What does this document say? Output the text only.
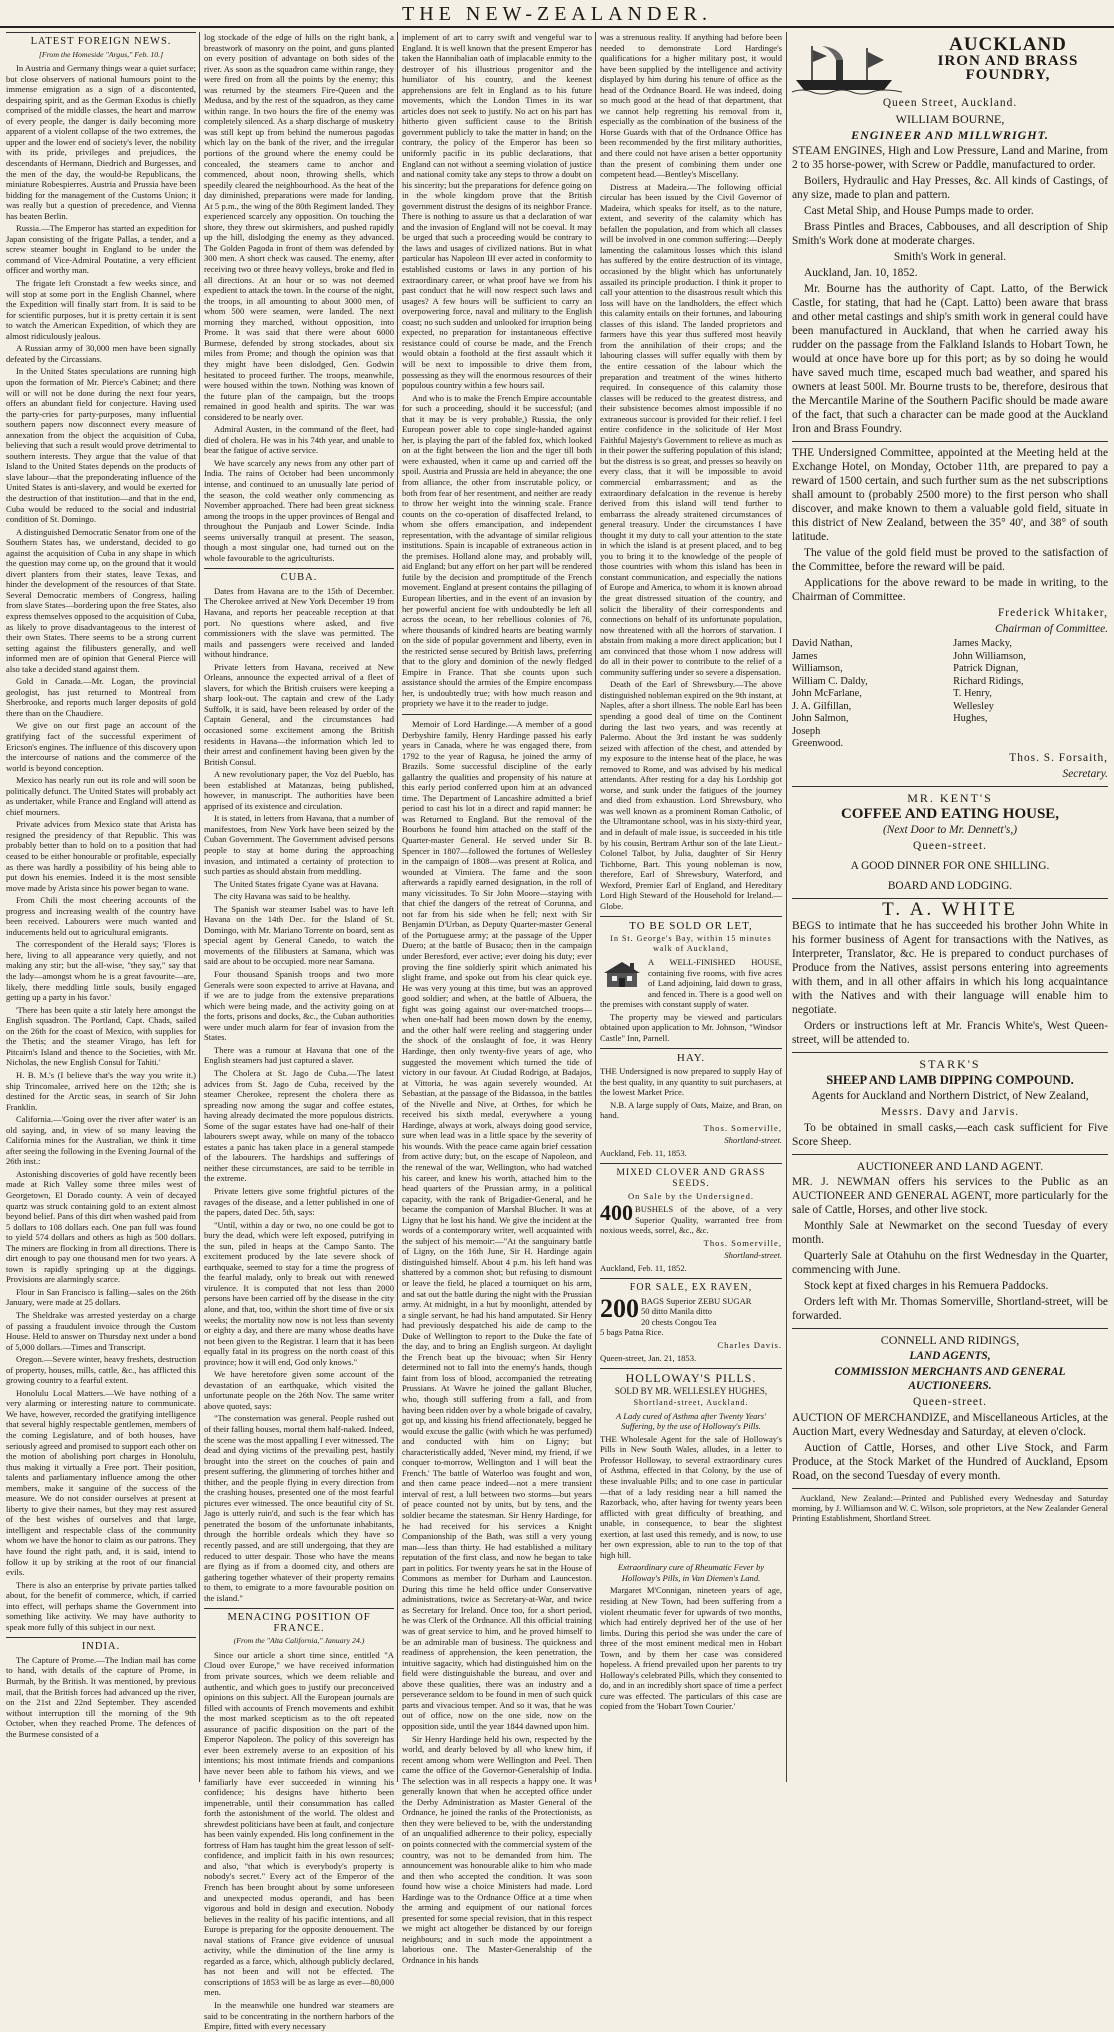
THE NEW-ZEALANDER.
LATEST FOREIGN NEWS.

[From the Homeside "Argus," Feb. 10.]

In Austria and Germany things wear a quiet surface; but close observers of national humours point to the immense emigration as a sign of a discontented, despairing spirit, and as the German Exodus is chiefly comprised of the middle classes, the heart and marrow of every people, the danger is daily becoming more apparent of a violent collapse of the two extremes, the upper and the lower end of society's lever, the nobility with its pride, privileges and prejudices, the descendants of Hermann, Diedrich and Burgesses, and the men of the day, the would-be Republicans, the miniature Robespierres. Austria and Prussia have been bidding for the management of the Customs Union; it was really but a question of precedence, and Vienna has beaten Berlin.

Russia.—The Emperor has started an expedition for Japan consisting of the frigate Pallas, a tender, and a screw steamer bought in England to be under the command of Vice-Admiral Poutatine, a very efficient officer and worthy man.

The frigate left Cronstadt a few weeks since, and will stop at some port in the English Channel, where the Expedition will finally start from. It is said to be for scientific purposes, but it is pretty certain it is sent to watch the American Expedition, of which they are almost ridiculously jealous.

A Russian army of 30,000 men have been signally defeated by the Circassians.

In the United States speculations are running high upon the formation of Mr. Pierce's Cabinet; and there will or will not be done during the next four years, offers an abundant field for conjecture. Having used the party-cries for party-purposes, many influential southern papers now disconnect every measure of annexation from the object the acquisition of Cuba, believing that such a result would prove detrimental to southern interests. They argue that the value of that Island to the United States depends on the products of slave labour—that the preponderating influence of the United States is anti-slavery, and would be exerted for the destruction of that institution—and that in the end, Cuba would be reduced to the social and industrial condition of St. Domingo.

A distinguished Democratic Senator from one of the Southern States has, we understand, decided to go against the acquisition of Cuba in any shape in which the question may come up, on the ground that it would divert planters from their states, leave Texas, and hinder the development of the resources of that State. Several Democratic members of Congress, hailing from slave States—bordering upon the free States, also express themselves opposed to the acquisition of Cuba, as likely to prove disadvantageous to the interest of their own States. There seems to be a strong current setting against the filibusters generally, and well informed men are of opinion that General Pierce will also take a decided stand against them.

Gold in Canada.—Mr. Logan, the provincial geologist, has just returned to Montreal from Sherbrooke, and reports much larger deposits of gold there than on the Chaudiere.

We give on our first page an account of the gratifying fact of the successful experiment of Ericson's engines. The influence of this discovery upon the intercourse of nations and the commerce of the world is beyond conception.

Mexico has nearly run out its role and will soon be politically defunct. The United States will probably act as undertaker, while France and England will attend as chief mourners.

Private advices from Mexico state that Arista has resigned the presidency of that Republic. This was probably better than to hold on to a position that had ceased to be either honourable or profitable, especially as there was hardly a possibility of his being able to put down his enemies. Indeed it is the most sensible move made by Arista since his power began to wane.

From Chili the most cheering accounts of the progress and increasing wealth of the country have been received. Labourers were much wanted and inducements held out to agricultural emigrants.

The correspondent of the Herald says; 'Flores is here, living to all appearance very quietly, and not making any stir; but the all-wise, "they say," say that the lady—amongst whom he is a great favourite—are, likely, there meddling little souls, busily engaged getting up a party in his favor.'

'There has been quite a stir lately here amongst the English squadron. The Portland, Capt. Chads, sailed on the 26th for the coast of Mexico, with supplies for the Thetis; and the steamer Virago, has left for Pitcairn's Island and thence to the Societies, with Mr. Nicholas, the new English Consul for Tahiti.'

H. B. M.'s (I believe that's the way you write it.) ship Trincomalee, arrived here on the 12th; she is destined for the Arctic seas, in search of Sir John Franklin.

California.—'Going over the river after water' is an old saying, and, in view of so many leaving the California mines for the Australian, we think it time after seeing the following in the Evening Journal of the 26th inst.:

Astonishing discoveries of gold have recently been made at Rich Valley some three miles west of Georgetown, El Dorado county. A vein of decayed quartz was struck containing gold to an extent almost beyond belief. Pans of this dirt when washed paid from 5 dollars to 108 dollars each. One pan full was found to yield 574 dollars and others as high as 500 dollars. The miners are flocking in from all directions. There is dirt enough to pay one thousand men for two years. A town is rapidly springing up at the diggings. Provisions are alarmingly scarce.

Flour in San Francisco is falling—sales on the 26th January, were made at 25 dollars.

The Sheldrake was arrested yesterday on a charge of passing a fraudulent invoice through the Custom House. Held to answer on Thursday next under a bond of 5,000 dollars.—Times and Transcript.

Oregon.—Severe winter, heavy freshets, destruction of property, houses, mills, cattle, &c., has afflicted this growing country to a fearful extent.

Honolulu Local Matters.—We have nothing of a very alarming or interesting nature to communicate. We have, however, recorded the gratifying intelligence that several highly respectable gentlemen, members of the coming Legislature, and of both houses, have seriously agreed and promised to support each other on the motion of abolishing port charges in Honolulu, thus making it virtually a Free port. Their position, talents and parliamentary influence among the other members, make it sanguine of the success of the measure. We do not consider ourselves at present at liberty to give their names, but they may rest assured of the best wishes of ourselves and that large, intelligent and respectable class of the community whom we have the honor to claim as our patrons. They have found the right path, and, it is said, intend to follow it up by striking at the root of our financial evils.

There is also an enterprise by private parties talked about, for the benefit of commerce, which, if carried into effect, will perhaps shame the Government into something like activity. We may have authority to speak more fully of this subject in our next.

INDIA.

The Capture of Prome.—The Indian mail has come to hand, with details of the capture of Prome, in Burmah, by the British. It was mentioned, by previous mail, that the British forces had advanced up the river, on the 21st and 22nd September. They ascended without interruption till the morning of the 9th October, when they reached Prome. The defences of the Burmese consisted of a

log stockade of the edge of hills on the right bank, a breastwork of masonry on the point, and guns planted on every position of advantage on both sides of the river. As soon as the squadron came within range, they were fired on from all the points by the enemy; this was returned by the steamers Fire-Queen and the Medusa, and by the rest of the squadron, as they came within range. In two hours the fire of the enemy was completely silenced. As a sharp discharge of musketry was still kept up from behind the numerous pagodas which lay on the bank of the river, and the irregular portions of the ground where the enemy could be concealed, the steamers came to anchor and commenced, about noon, throwing shells, which speedily cleared the neighbourhood. As the heat of the day diminished, preparations were made for landing. At 5 p.m., the wing of the 80th Regiment landed. They experienced scarcely any opposition. On touching the shore, they threw out skirmishers, and pushed rapidly up the hill, dislodging the enemy as they advanced. The Golden Pagoda in front of them was defended by 300 men. A short check was caused. The enemy, after receiving two or three heavy volleys, broke and fled in all directions. At an hour or so was not deemed expedient to attack the town. In the course of the night, the troops, in all amounting to about 3000 men, of whom 500 were seamen, were landed. The next morning they marched, without opposition, into Prome. It was said that there were about 6000 Burmese, defended by strong stockades, about six miles from Prome; and though the opinion was that they might have been dislodged, Gen. Godwin hesitated to proceed further. The troops, meanwhile, were housed within the town. Nothing was known of the future plan of the campaign, but the troops remained in good health and spirits. The war was considered to be nearly over.

Admiral Austen, in the command of the fleet, had died of cholera. He was in his 74th year, and unable to bear the fatigue of active service.

We have scarcely any news from any other part of India. The rains of October had been uncommonly intense, and continued to an unusually late period of the season, the cold weather only commencing as November approached. There had been great sickness among the troops in the upper provinces of Bengal and throughout the Punjaub and Lower Scinde. India seems universally tranquil at present. The season, though a most singular one, had turned out on the whole favourable to the agriculturists.

CUBA.

Dates from Havana are to the 15th of December. The Cherokee arrived at New York December 19 from Havana, and reports her peaceable reception at that port. No questions where asked, and five commissioners with the slave was permitted. The mails and passengers were received and landed without hindrance.

Private letters from Havana, received at New Orleans, announce the expected arrival of a fleet of slavers, for which the British cruisers were keeping a sharp look-out. The captain and crew of the Lady Suffolk, it is said, have been released by order of the Captain General, and the circumstances had occasioned some excitement among the British residents in Havana—the information which led to their arrest and confinement having been given by the British Consul.

A new revolutionary paper, the Voz del Pueblo, has been established at Matanzas, being published, however, in manuscript. The authorities have been apprised of its existence and circulation.

It is stated, in letters from Havana, that a number of manifestoes, from New York have been seized by the Cuban Government. The Government advised persons people to stay at home during the approaching invasion, and intimated a certainty of protection to such parties as should abstain from meddling.

The United States frigate Cyane was at Havana.

The city Havana was said to be healthy.

The Spanish war steamer Isabel was to have left Havana on the 14th Dec. for the Island of St. Domingo, with Mr. Mariano Torrente on board, sent as special agent by General Canedo, to watch the movements of the filibusters at Samana, which was said are about to be occupied. more near Samana.

Four thousand Spanish troops and two more Generals were soon expected to arrive at Havana, and if we are to judge from the extensive preparations which were being made, and the activity going on at the forts, prisons and docks, &c., the Cuban authorities were under much alarm for fear of invasion from the States.

There was a rumour at Havana that one of the English steamers had just captured a slaver.

The Cholera at St. Jago de Cuba.—The latest advices from St. Jago de Cuba, received by the steamer Cherokee, represent the cholera there as spreading now among the sugar and coffee estates, having already decimated the more populous districts. Some of the sugar estates have had one-half of their labourers swept away, while on many of the tobacco estates a panic has taken place in a general stampede of the labourers. The hardships and sufferings of neither these circumstances, are said to be terrible in the extreme.

Private letters give some frightful pictures of the ravages of the disease, and a letter published in one of the papers, dated Dec. 5th, says:

"Until, within a day or two, no one could be got to bury the dead, which were left exposed, putrifying in the sun, piled in heaps at the Campo Santo. The excitement produced by the late severe shock of earthquake, seemed to stay for a time the progress of the fearful malady, only to break out with renewed virulence. It is computed that not less than 2000 persons have been carried off by the disease in the city alone, and that, too, within the short time of five or six weeks; the mortality now now is not less than seventy or eighty a day, and there are many whose deaths have not been given to the Registrar. I learn that it has been equally fatal in its progress on the north coast of this province; how it will end, God only knows."

We have heretofore given some account of the devastation of an earthquake, which visited the unfortunate people on the 26th Nov. The same writer above quoted, says:

"The consternation was general. People rushed out of their falling houses, mortal them half-naked. Indeed, the scene was the most appalling I ever witnessed. The dead and dying victims of the prevailing pest, hastily brought into the street on the couches of pain and present suffering, the glimmering of torches hither and thither, and the people flying in every direction from the crashing houses, presented one of the most fearful pictures ever witnessed. The once beautiful city of St. Jago is utterly ruin'd, and such is the fear which has penetrated the bosom of the unfortunate inhabitants, through the horrible ordeals which they have so recently passed, and are still undergoing, that they are reduced to utter despair. Those who have the means are flying as if from a doomed city, and others are gathering together whatever of their property remains to them, to emigrate to a more favourable position on the island."

MENACING POSITION OF FRANCE.

(From the "Alta California," January 24.)

Since our article a short time since, entitled "A Cloud over Europe," we have received information from private sources, which we deem reliable and authentic, and which goes to justify our preconceived opinions on this subject. All the European journals are filled with accounts of French movements and exhibit the most marked scepticism as to the oft repeated assurance of pacific disposition on the part of the Emperor Napoleon. The policy of this sovereign has ever been extremely averse to an exposition of his intentions; his most intimate friends and companions have never been able to fathom his views, and we familiarly have ever succeeded in winning his confidence; his designs have hitherto been impenetrable, until their consummation has called forth the astonishment of the world. The oldest and shrewdest politicians have been at fault, and conjecture has been vainly expended. His long confinement in the fortress of Ham has taught him the great lesson of self-confidence, and implicit faith in his own resources; and also, "that which is everybody's property is nobody's secret." Every act of the Emperor of the French has been brought about by some unforeseen and unexpected modus operandi, and has been vigorous and bold in design and execution. Nobody believes in the reality of his pacific intentions, and all Europe is preparing for the opposite denouement. The naval stations of France give evidence of unusual activity, while the diminution of the line army is regarded as a farce, which, although publicly declared, has not been and will not be effected. The conscriptions of 1853 will be as large as ever—80,000 men.

In the meanwhile one hundred war steamers are said to be concentrating in the northern harbors of the Empire, fitted with every necessary

implement of art to carry swift and vengeful war to England. It is well known that the present Emperor has taken the Hannibalian oath of implacable enmity to the destroyer of his illustrious progenitor and the humiliator of his country, and the keenest apprehensions are felt in England as to his future movements, which the London Times in its war articles does not seek to justify. No act on his part has hitherto given sufficient cause to the British government publicly to take the matter in hand; on the contrary, the policy of the Emperor has been so uniformly pacific in its public declarations, that England can not without a seeming violation of justice and national comity take any steps to throw a doubt on his sincerity; but the preparations for defence going on in the whole kingdom prove that the British government distrust the designs of its neighbor France. There is nothing to assure us that a declaration of war and the invasion of England will not be coeval. It may be urged that such a proceeding would be contrary to the laws and usages of civilized nations. But in what particular has Napoleon III ever acted in conformity to established customs or laws in any portion of his extraordinary career, or what proof have we from his past conduct that he will now respect such laws and usages? A few hours will be sufficient to carry an overpowering force, naval and military to the English coast; no such sudden and unlooked for irruption being expected, no preparation for instantaneous effective resistance could of course be made, and the French would obtain a foothold at the first assault which it will be next to impossible to drive them from, possessing as they will the enormous resources of their populous country within a few hours sail.

And who is to make the French Empire accountable for such a proceeding, should it be successful; (and that it may be is very probable,) Russia, the only European power able to cope single-handed against her, is playing the part of the fabled fox, which looked on at the fight between the lion and the tiger till both were exhausted, when it came up and carried off the spoil. Austria and Prussia are held in abeyance; the one from alliance, the other from inscrutable policy, or both from fear of her resentment, and neither are ready to throw her weight into the winning scale. France counts on the co-operation of disaffected Ireland, to whom she offers emancipation, and independent representation, with the advantage of similar religious institutions. Spain is incapable of extraneous action in the premises. Holland alone may, and probably will, aid England; but any effort on her part will be rendered futile by the decision and promptitude of the French movement. England at present contains the pillaging of European liberties, and in the event of an invasion by her powerful ancient foe with undoubtedly be left all across the ocean, to her rebellious colonies of 76, where thousands of kindred hearts are beating warmly on the side of popular government and liberty, even in the restricted sense secured by British laws, preferring that to the glory and dominion of the newly fledged Empire in France. That she counts upon such assistance should the armies of the Empire encompass her, is undoubtedly true; with how much reason and propriety we have it to the reader to judge.

Memoir of Lord Hardinge.—A member of a good Derbyshire family, Henry Hardinge passed his early years in Canada, where he was engaged there, from 1792 to the year of Ragusa, he joined the army of Brazils. Some successful discipline of the early gallantry the qualities and propensity of his nature at this early period conferred upon him at an advanced time. The Department of Lancashire admitted a brief period to cast his lot in a direct and rapid manner: he was Returned to England. But the removal of the Bourbons he found him attached on the staff of the Quarter-master General. He served under Sir B. Spencer in 1807—followed the fortunes of Wellesley in the campaign of 1808—was present at Rolica, and wounded at Vimiera. The fame and the soon afterwards a rapidly earned designation, in the roll of many vicissitudes. To Sir John Moore—staying with that chief the dangers of the retreat of Corunna, and not far from his side when he fell; next with Sir Benjamin D'Urban, as Deputy Quarter-master General of the Portuguese army; at the passage of the Upper Duero; at the battle of Busaco; then in the campaign under Beresford, ever active; ever doing his duty; ever proving the fine soldierly spirit which animated his slight frame, and spoke out from his clear quick eye. He was very young at this time, but was an approved good soldier; and when, at the battle of Albuera, the fight was going against our over-matched troops—when one-half had been mown down by the enemy, and the other half were reeling and staggering under the shock of the onslaught of foe, it was Henry Hardinge, then only twenty-five years of age, who suggested the movement which turned the tide of victory in our favour. At Ciudad Rodrigo, at Badajos, at Vittoria, he was again severely wounded. At Sebastian, at the passage of the Bidassoa, in the battles of the Nivelle and Nive, at Orthes, for which he received his sixth medal, everywhere a young Hardinge, always at work, always doing good service, sure when lead was in a little space by the severity of his wounds. With the peace came again brief cessation from active duty; but, on the escape of Napoleon, and the renewal of the war, Wellington, who had watched his career, and knew his worth, attached him to the head quarters of the Prussian army, in a political capacity, with the rank of Brigadier-General, and he became the companion of Marshal Blucher. It was at Ligny that he lost his hand. We give the incident at the words of a contemporary writer, well acquainted with the subject of his memoir:—"At the sanguinary battle of Ligny, on the 16th June, Sir H. Hardinge again distinguished himself. About 4 p.m. his left hand was shattered by a common shot; but refusing to dismount or leave the field, he placed a tourniquet on his arm, and sat out the battle during the night with the Prussian army. At midnight, in a hut by moonlight, attended by a single servant, he had his hand amputated. Sir Henry had previously despatched his aide de camp to the Duke of Wellington to report to the Duke the fate of the day, and to bring an English surgeon. At daylight the French beat up the bivouac; when Sir Henry determined not to fall into the enemy's hands, though faint from loss of blood, accompanied the retreating Prussians. At Wavre he joined the gallant Blucher, who, though still suffering from a fall, and from having been ridden over by a whole brigade of cavalry, got up, and kissing his friend affectionately, begged he would excuse the gallic (with which he was perfumed) and conducted with him on Ligny; but characteristically added, 'Never mind, my friend, if we conquer to-morrow, Wellington and I will beat the French.' The battle of Waterloo was fought and won, and then came peace indeed—not a mere transient interval of rest, a lull between two storms—but years of peace counted not by units, but by tens, and the soldier became the statesman. Sir Henry Hardinge, for he had received for his services a Knight Companionship of the Bath, was still a very young man—less than thirty. He had established a military reputation of the first class, and now he began to take part in politics. For twenty years he sat in the House of Commons as member for Durham and Launceston. During this time he held office under Conservative administrations, twice as Secretary-at-War, and twice as Secretary for Ireland. Once too, for a short period, he was Clerk of the Ordnance. All this official training was of great service to him, and he proved himself to be an admirable man of business. The quickness and readiness of apprehension, the keen penetration, the intuitive sagacity, which had distinguished him on the field were distinguishable the bureau, and over and above these qualities, there was an industry and a perseverance seldom to be found in men of such quick parts and vivacious temper. And so it was, that he was out of office, now on the one side, now on the opposition side, until the year 1844 dawned upon him.

Sir Henry Hardinge held his own, respected by the world, and dearly beloved by all who knew him, if recent among whom were Wellington and Peel. Then came the office of the Governor-Generalship of India. The selection was in all respects a happy one. It was generally known that when he accepted office under the Derby Administration as Master General of the Ordnance, he joined the ranks of the Protectionists, as then they were believed to be, with the understanding of an unqualified adherence to their policy, especially on points connected with the commercial system of the country, was not to be demanded from him. The announcement was honourable alike to him who made and then who accepted the condition. It was soon found how wise a choice Ministers had made. Lord Hardinge was to the Ordnance Office at a time when the arming and equipment of our national forces presented for some special revision, that in this respect we might act altogether be distanced by our foreign neighbours; and in such mode the appointment a laborious one. The Master-Generalship of the Ordnance in his hands

was a strenuous reality. If anything had before been needed to demonstrate Lord Hardinge's qualifications for a higher military post, it would have been supplied by the intelligence and activity displayed by him during his tenure of office as the head of the Ordnance Board. He was indeed, doing so much good at the head of that department, that we cannot help regretting his removal from it, especially as the combination of the business of the Horse Guards with that of the Ordnance Office has been recommended by the first military authorities, and there could not have arisen a better opportunity than the present of combining them under one competent head.—Bentley's Miscellany.

Distress at Madeira.—The following official circular has been issued by the Civil Governor of Madeira, which speaks for itself, as to the nature, extent, and severity of the calamity which has befallen the population, and from which all classes will be involved in one common suffering:—Deeply lamenting the calamitous losses which this island has suffered by the entire destruction of its vintage, occasioned by the blight which has unfortunately assailed its principle production. I think it proper to call your attention to the disastrous result which this loss will have on the landholders, the effect which this calamity entails on their fortunes, and labouring classes of this island. The landed proprietors and farmers have this year thus suffered most heavily from the annihilation of their crops; and the labouring classes will suffer equally with them by the entire cessation of the labour which the preparation and treatment of the wines hitherto required. In consequence of this calamity those classes will be reduced to the greatest distress, and their subsistence becomes almost impossible if no extraneous succour is provided for their relief. I feel entire confidence in the solicitude of Her Most Faithful Majesty's Government to relieve as much as in their power the suffering population of this island; but the distress is so great, and presses so heavily on every class, that it will be impossible to avoid commercial embarrassment; and as the extraordinary defalcation in the revenue is hereby derived from this island will tend further to embarrass the already straitened circumstances of general treasury. Under the circumstances I have thought it my duty to call your attention to the state in which the island is at present placed, and to beg you to bring it to the knowledge of the people of those countries with whom this island has been in constant communication, and especially the nations of Europe and America, to whom it is known abroad the great distressed situation of the country, and solicit the liberality of their correspondents and connections on behalf of its unfortunate population, now threatened with all the horrors of starvation. I abstain from making a more direct application; but I am convinced that those whom I now address will do all in their power to contribute to the relief of a community suffering under so severe a dispensation.

Death of the Earl of Shrewsbury.—The above distinguished nobleman expired on the 9th instant, at Naples, after a short illness. The noble Earl has been spending a good deal of time on the Continent during the last two years, and was recently at Palermo. About the 3rd instant he was suddenly seized with affection of the chest, and attended by my exposure to the intense heat of the place, he was removed to Rome, and was advised by his medical attendants. After resting for a day his Lordship got worse, and sunk under the fatigues of the journey and died from exhaustion. Lord Shrewsbury, who was well known as a prominent Roman Catholic, of the Ultramontane school, was in his sixty-third year, and in default of male issue, is succeeded in his title by his cousin, Bertram Arthur son of the late Lieut.-Colonel Talbot, by Julia, daughter of Sir Henry Tichborne, Bart. This young nobleman is now, therefore, Earl of Shrewsbury, Waterford, and Wexford, Premier Earl of England, and Hereditary Lord High Steward of the Household for Ireland.—Globe.

TO BE SOLD OR LET,

In St. George's Bay, within 15 minutes walk of Auckland,

A WELL-FINISHED HOUSE, containing five rooms, with five acres of Land adjoining, laid down to grass, and fenced in. There is a good well on the premises with constant supply of water.

The property may be viewed and particulars obtained upon application to Mr. Johnson, "Windsor Castle" Inn, Parnell.

HAY.

THE Undersigned is now prepared to supply Hay of the best quality, in any quantity to suit purchasers, at the lowest Market Price.

N.B. A large supply of Oats, Maize, and Bran, on hand.

Thos. Somerville,

Shortland-street.

Auckland, Feb. 11, 1853.

MIXED CLOVER AND GRASS SEEDS.

On Sale by the Undersigned.

400 BUSHELS of the above, of a very Superior Quality, warranted free from noxious weeds, sorrel, &c., &c.

Thos. Somerville,

Shortland-street.

Auckland, Feb. 11, 1852.

FOR SALE, EX RAVEN,

200 BAGS Superior ZEBU SUGAR
50 ditto Manila ditto
20 chests Congou Tea
5 bags Patna Rice.

Charles Davis.

Queen-street, Jan. 21, 1853.

HOLLOWAY'S PILLS.

SOLD BY MR. WELLESLEY HUGHES,

Shortland-street, Auckland.

A Lady cured of Asthma after Twenty Years' Suffering, by the use of Holloway's Pills.

THE Wholesale Agent for the sale of Holloway's Pills in New South Wales, alludes, in a letter to Professor Holloway, to several extraordinary cures of Asthma, effected in that Colony, by the use of these invaluable Pills; and to one case in particular—that of a lady residing near a hill named the Razorback, who, after having for twenty years been afflicted with great difficulty of breathing, and unable, in consequence, to bear the slightest exertion, at last used this remedy, and is now, to use her own expression, able to run to the top of that high hill.

Extraordinary cure of Rheumatic Fever by Holloway's Pills, in Van Diemen's Land.

Margaret M'Connigan, nineteen years of age, residing at New Town, had been suffering from a violent rheumatic fever for upwards of two months, which had entirely deprived her of the use of her limbs. During this period she was under the care of three of the most eminent medical men in Hobart Town, and by them her case was considered hopeless. A friend prevailed upon her parents to try Holloway's celebrated Pills, which they consented to do, and in an incredibly short space of time a perfect cure was effected. The particulars of this case are copied from the 'Hobart Town Courier.'

AUCKLAND
IRON AND BRASS FOUNDRY,

Queen Street, Auckland.

WILLIAM BOURNE,

ENGINEER AND MILLWRIGHT.

STEAM ENGINES, High and Low Pressure, Land and Marine, from 2 to 35 horse-power, with Screw or Paddle, manufactured to order.

Boilers, Hydraulic and Hay Presses, &c. All kinds of Castings, of any size, made to plan and pattern.

Cast Metal Ship, and House Pumps made to order.

Brass Pintles and Braces, Cabbouses, and all description of Ship Smith's Work done at moderate charges.

Smith's Work in general.

Auckland, Jan. 10, 1852.

Mr. Bourne has the authority of Capt. Latto, of the Berwick Castle, for stating, that had he (Capt. Latto) been aware that brass and other metal castings and ship's smith work in general could have been manufactured in Auckland, that when he carried away his rudder on the passage from the Falkland Islands to Hobart Town, he would at once have bore up for this port; as by so doing he would have saved much time, escaped much bad weather, and spared his owners at least 500l. Mr. Bourne trusts to be, therefore, desirous that the Mercantile Marine of the Southern Pacific should be made aware of the fact, that such a character can be made good at the Auckland Iron and Brass Foundry.

THE Undersigned Committee, appointed at the Meeting held at the Exchange Hotel, on Monday, October 11th, are prepared to pay a reward of 1500 certain, and such further sum as the net subscriptions shall amount to (probably 2500 more) to the first person who shall discover, and make known to them a valuable gold field, situate in this district of New Zealand, between the 35° 40', and 38° of south latitude.

The value of the gold field must be proved to the satisfaction of the Committee, before the reward will be paid.

Applications for the above reward to be made in writing, to the Chairman of Committee.

Frederick Whitaker,

Chairman of Committee.

David Nathan,
James Williamson,
William C. Daldy,
John McFarlane,
J. A. Gilfillan,
John Salmon,
Joseph Greenwood.
James Macky,
John Williamson,
Patrick Dignan,
Richard Ridings,
T. Henry,
Wellesley Hughes,

Thos. S. Forsaith,

Secretary.

MR. KENT'S

COFFEE AND EATING HOUSE,

(Next Door to Mr. Dennett's,)

Queen-street.

A GOOD DINNER FOR ONE SHILLING.

BOARD AND LODGING.

T. A. WHITE

BEGS to intimate that he has succeeded his brother John White in his former business of Agent for transactions with the Natives, as Interpreter, Translator, &c. He is prepared to conduct purchases of Produce from the Natives, assist persons entering into agreements with them, and in all other affairs in which his long acquaintance with the Natives and with their language will enable him to negotiate.

Orders or instructions left at Mr. Francis White's, West Queen-street, will be attended to.

STARK'S

SHEEP AND LAMB DIPPING COMPOUND.

Agents for Auckland and Northern District, of New Zealand,

Messrs. Davy and Jarvis.

To be obtained in small casks,—each cask sufficient for Five Score Sheep.

AUCTIONEER AND LAND AGENT.

MR. J. NEWMAN offers his services to the Public as an AUCTIONEER AND GENERAL AGENT, more particularly for the sale of Cattle, Horses, and other live stock.

Monthly Sale at Newmarket on the second Tuesday of every month.

Quarterly Sale at Otahuhu on the first Wednesday in the Quarter, commencing with June.

Stock kept at fixed charges in his Remuera Paddocks.

Orders left with Mr. Thomas Somerville, Shortland-street, will be forwarded.

CONNELL AND RIDINGS,

LAND AGENTS,

COMMISSION MERCHANTS AND GENERAL AUCTIONEERS.

Queen-street.

AUCTION OF MERCHANDIZE, and Miscellaneous Articles, at the Auction Mart, every Wednesday and Saturday, at eleven o'clock.

Auction of Cattle, Horses, and other Live Stock, and Farm Produce, at the Stock Market of the Hundred of Auckland, Epsom Road, on the second Tuesday of every month.

Auckland, New Zealand:—Printed and Published every Wednesday and Saturday morning, by J. Williamson and W. C. Wilson, sole proprietors, at the New Zealander General Printing Establishment, Shortland Street.
